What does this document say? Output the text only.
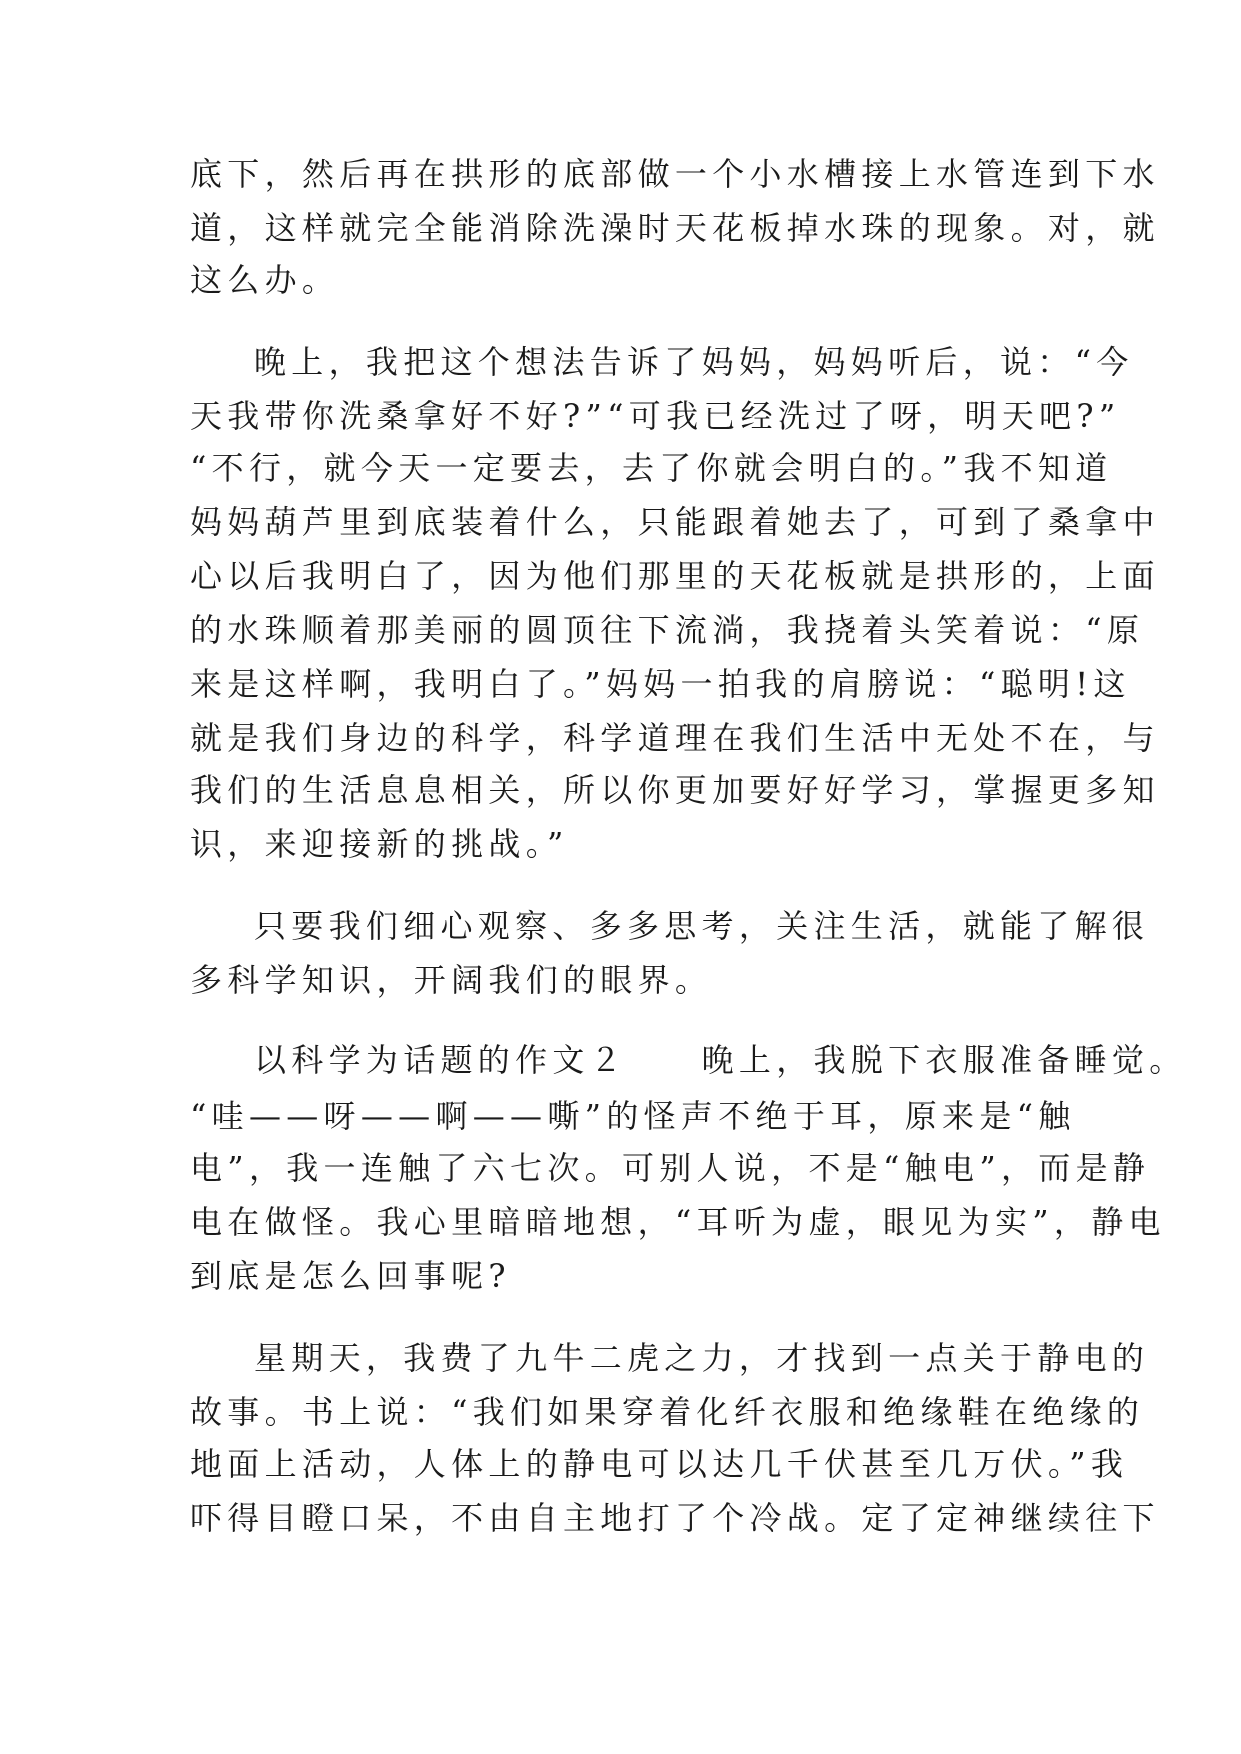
底下，然后再在拱形的底部做一个小水槽接上水管连到下水
道，这样就完全能消除洗澡时天花板掉水珠的现象。对，就
这么办。
晚上，我把这个想法告诉了妈妈，妈妈听后，说：“今
天我带你洗桑拿好不好?”“可我已经洗过了呀，明天吧?”
“不行，就今天一定要去，去了你就会明白的。”我不知道
妈妈葫芦里到底装着什么，只能跟着她去了，可到了桑拿中
心以后我明白了，因为他们那里的天花板就是拱形的，上面
的水珠顺着那美丽的圆顶往下流淌，我挠着头笑着说：“原
来是这样啊，我明白了。”妈妈一拍我的肩膀说：“聪明!这
就是我们身边的科学，科学道理在我们生活中无处不在，与
我们的生活息息相关，所以你更加要好好学习，掌握更多知
识，来迎接新的挑战。”
只要我们细心观察、多多思考，关注生活，就能了解很
多科学知识，开阔我们的眼界。
以科学为话题的作文２　　晚上，我脱下衣服准备睡觉。
“哇——呀——啊——嘶”的怪声不绝于耳，原来是“触
电”，我一连触了六七次。可别人说，不是“触电”，而是静
电在做怪。我心里暗暗地想，“耳听为虚，眼见为实”，静电
到底是怎么回事呢?
星期天，我费了九牛二虎之力，才找到一点关于静电的
故事。书上说：“我们如果穿着化纤衣服和绝缘鞋在绝缘的
地面上活动，人体上的静电可以达几千伏甚至几万伏。”我
吓得目瞪口呆，不由自主地打了个冷战。定了定神继续往下
